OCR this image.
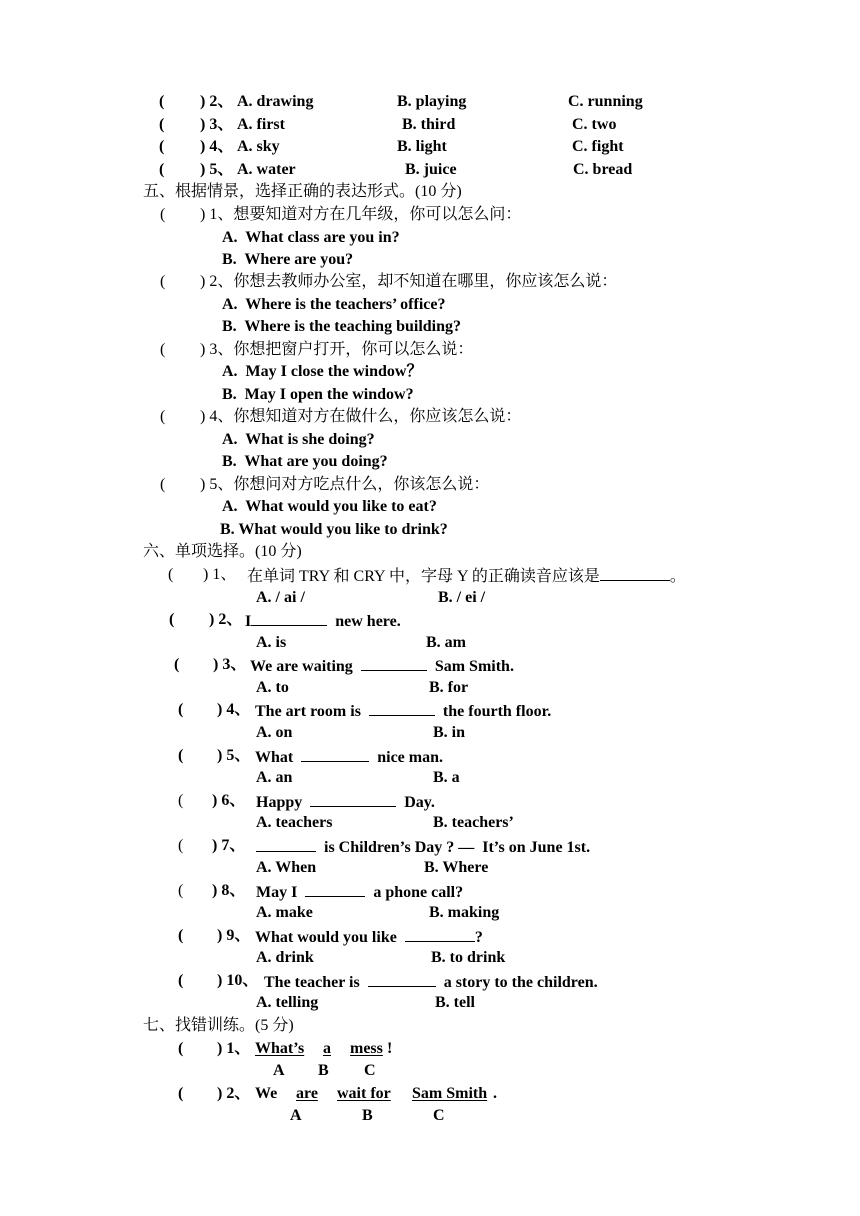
( ) 2、 A. drawing	B. playing	C. running
( ) 3、 A. first	B. third	C. two
( ) 4、 A. sky	B. light	C. fight
( ) 5、 A. water	B. juice	C. bread
五、根据情景，选择正确的表达形式。(10 分)
( ) 1、想要知道对方在几年级，你可以怎么问：
A.  What class are you in?
B.  Where are you?
( ) 2、你想去教师办公室，却不知道在哪里，你应该怎么说：
A.  Where is the teachers’ office?
B.  Where is the teaching building?
( ) 3、你想把窗户打开，你可以怎么说：
A.  May I close the window？
B.  May I open the window?
( ) 4、你想知道对方在做什么，你应该怎么说：
A.  What is she doing?
B.  What are you doing?
( ) 5、你想问对方吃点什么，你该怎么说：
A.  What would you like to eat?
B. What would you like to drink?
六、单项选择。(10 分)
( ) 1、 在单词 TRY 和 CRY 中，字母 Y 的正确读音应该是	。
A. / ai /	B. / ei /
( ) 2、 I	new here.
A. is	B. am
( ) 3、 We are waiting	Sam Smith.
A. to	B. for
( ) 4、 The art room is	the fourth floor.
A. on	B. in
( ) 5、 What	nice man.
A. an	B. a
( ) 6、 Happy	Day.
A. teachers	B. teachers’
( ) 7、	is Children’s Day ? —  It’s on June 1st.
A. When	B. Where
( ) 8、 May I	a phone call?
A. make	B. making
( ) 9、 What would you like	?
A. drink	B. to drink
( ) 10、 The teacher is	a story to the children.
A. telling	B. tell
七、找错训练。(5 分)
( ) 1、 What’s a mess !
A B C
( ) 2、 We are wait for Sam Smith .
A	B	C
